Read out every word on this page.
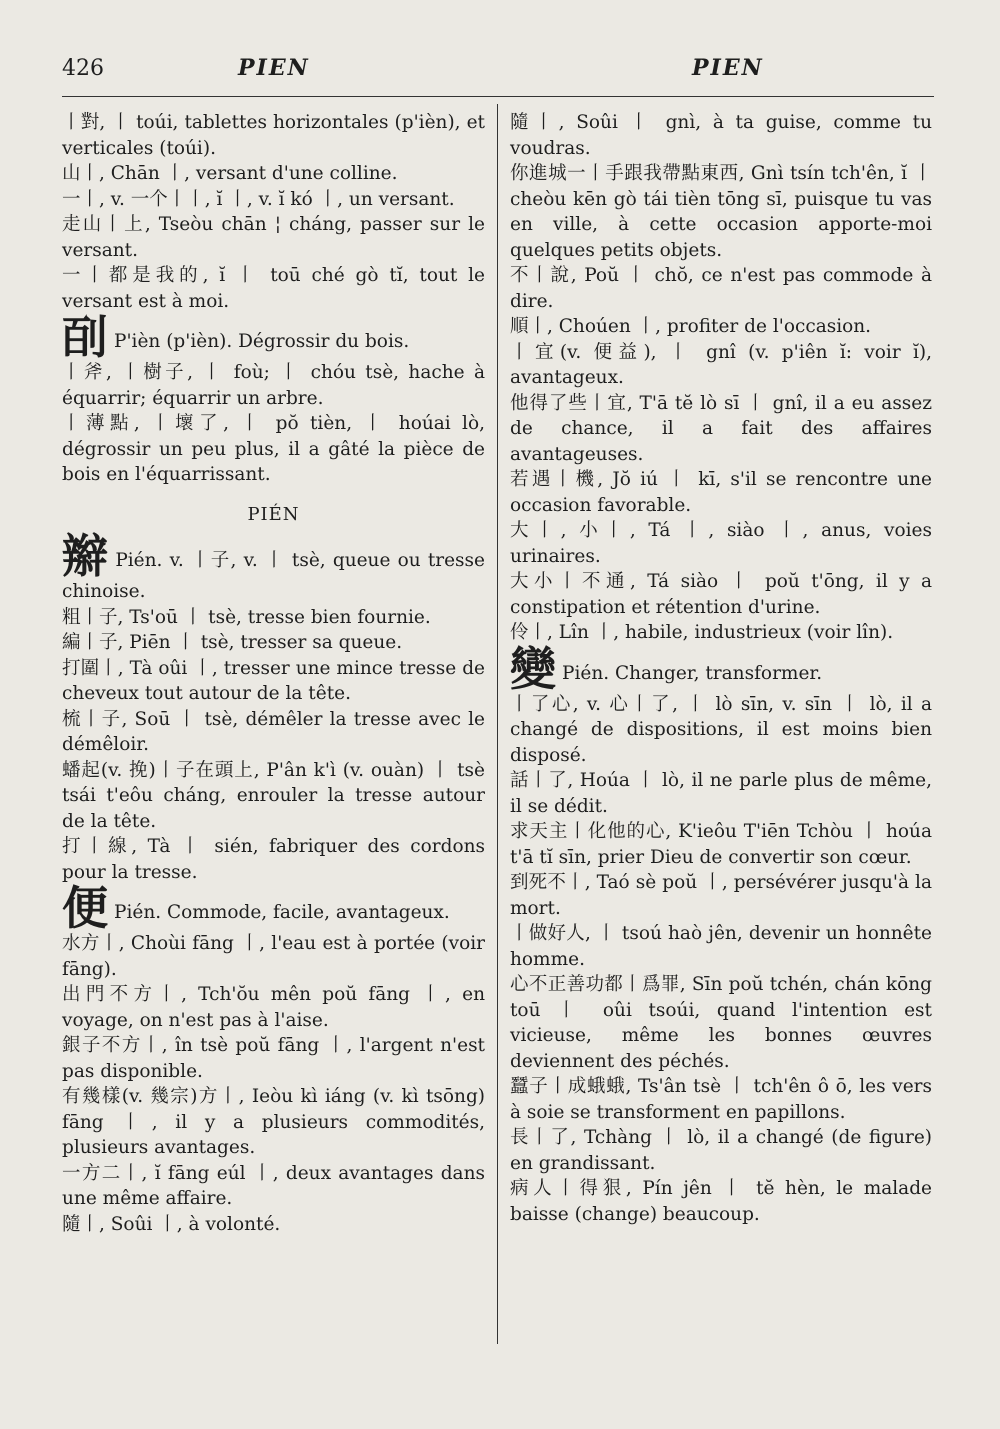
426	PIEN	PIEN
丨對, 丨 toúi, tablettes horizontales (p'ièn), et verticales (toúi).
山丨, Chān 丨, versant d'une colline.
一丨, v. 一个丨丨, ĭ 丨, v. ĭ kó 丨, un versant.
走山丨上, Tseòu chān ¦ cháng, passer sur le versant.
一丨都是我的, ĭ 丨 toū ché gò tĭ, tout le versant est à moi.
㓦 P'ièn (p'ièn). Dégrossir du bois.
丨斧, 丨樹子, 丨 foù; 丨 chóu tsè, hache à équarrir; équarrir un arbre.
丨薄點, 丨壞了, 丨 pŏ tièn, 丨 hoúai lò, dégrossir un peu plus, il a gâté la pièce de bois en l'équarrissant.
PIÉN
辮 Pién. v. 丨子, v. 丨 tsè, queue ou tresse chinoise.
粗丨子, Ts'oū 丨 tsè, tresse bien fournie.
編丨子, Piēn 丨 tsè, tresser sa queue.
打圍丨, Tà oûi 丨, tresser une mince tresse de cheveux tout autour de la tête.
梳丨子, Soū 丨 tsè, démêler la tresse avec le démêloir.
蟠起(v. 挽)丨子在頭上, P'ân k'ì (v. ouàn) 丨 tsè tsái t'eôu cháng, enrouler la tresse autour de la tête.
打丨線, Tà 丨 sién, fabriquer des cordons pour la tresse.
便 Pién. Commode, facile, avantageux.
水方丨, Choùi fāng 丨, l'eau est à portée (voir fāng).
出門不方丨, Tch'ŏu mên poŭ fāng 丨, en voyage, on n'est pas à l'aise.
銀子不方丨, în tsè poŭ fāng 丨, l'argent n'est pas disponible.
有幾樣(v. 幾宗)方丨, Ieòu kì iáng (v. kì tsōng) fāng 丨, il y a plusieurs commodités, plusieurs avantages.
一方二丨, ĭ fāng eúl 丨, deux avantages dans une même affaire.
隨丨, Soûi 丨, à volonté.
隨丨, Soûi 丨 gnì, à ta guise, comme tu voudras.
你進城一丨手跟我帶點東西, Gnì tsín tch'ên, ĭ 丨 cheòu kēn gò tái tièn tōng sī, puisque tu vas en ville, à cette occasion apporte-moi quelques petits objets.
不丨說, Poŭ 丨 chŏ, ce n'est pas commode à dire.
順丨, Choúen 丨, profiter de l'occasion.
丨宜(v. 便益), 丨 gnî (v. p'iên ĭ: voir ĭ), avantageux.
他得了些丨宜, T'ā tĕ lò sī 丨 gnî, il a eu assez de chance, il a fait des affaires avantageuses.
若遇丨機, Jŏ iú 丨 kī, s'il se rencontre une occasion favorable.
大丨, 小丨, Tá 丨, siào 丨, anus, voies urinaires.
大小丨不通, Tá siào 丨 poŭ t'ōng, il y a constipation et rétention d'urine.
伶丨, Lîn 丨, habile, industrieux (voir lîn).
變 Pién. Changer, transformer.
丨了心, v. 心丨了, 丨 lò sīn, v. sīn 丨 lò, il a changé de dispositions, il est moins bien disposé.
話丨了, Hoúa 丨 lò, il ne parle plus de même, il se dédit.
求天主丨化他的心, K'ieôu T'iēn Tchòu 丨 hoúa t'ā tĭ sīn, prier Dieu de convertir son cœur.
到死不丨, Taó sè poŭ 丨, persévérer jusqu'à la mort.
丨做好人, 丨 tsoú haò jên, devenir un honnête homme.
心不正善功都丨爲罪, Sīn poŭ tchén, chán kōng toū 丨 oûi tsoúi, quand l'intention est vicieuse, même les bonnes œuvres deviennent des péchés.
蠶子丨成蛾蛾, Ts'ân tsè 丨 tch'ên ô ō, les vers à soie se transforment en papillons.
長丨了, Tchàng 丨 lò, il a changé (de figure) en grandissant.
病人丨得狠, Pín jên 丨 tĕ hèn, le malade baisse (change) beaucoup.
